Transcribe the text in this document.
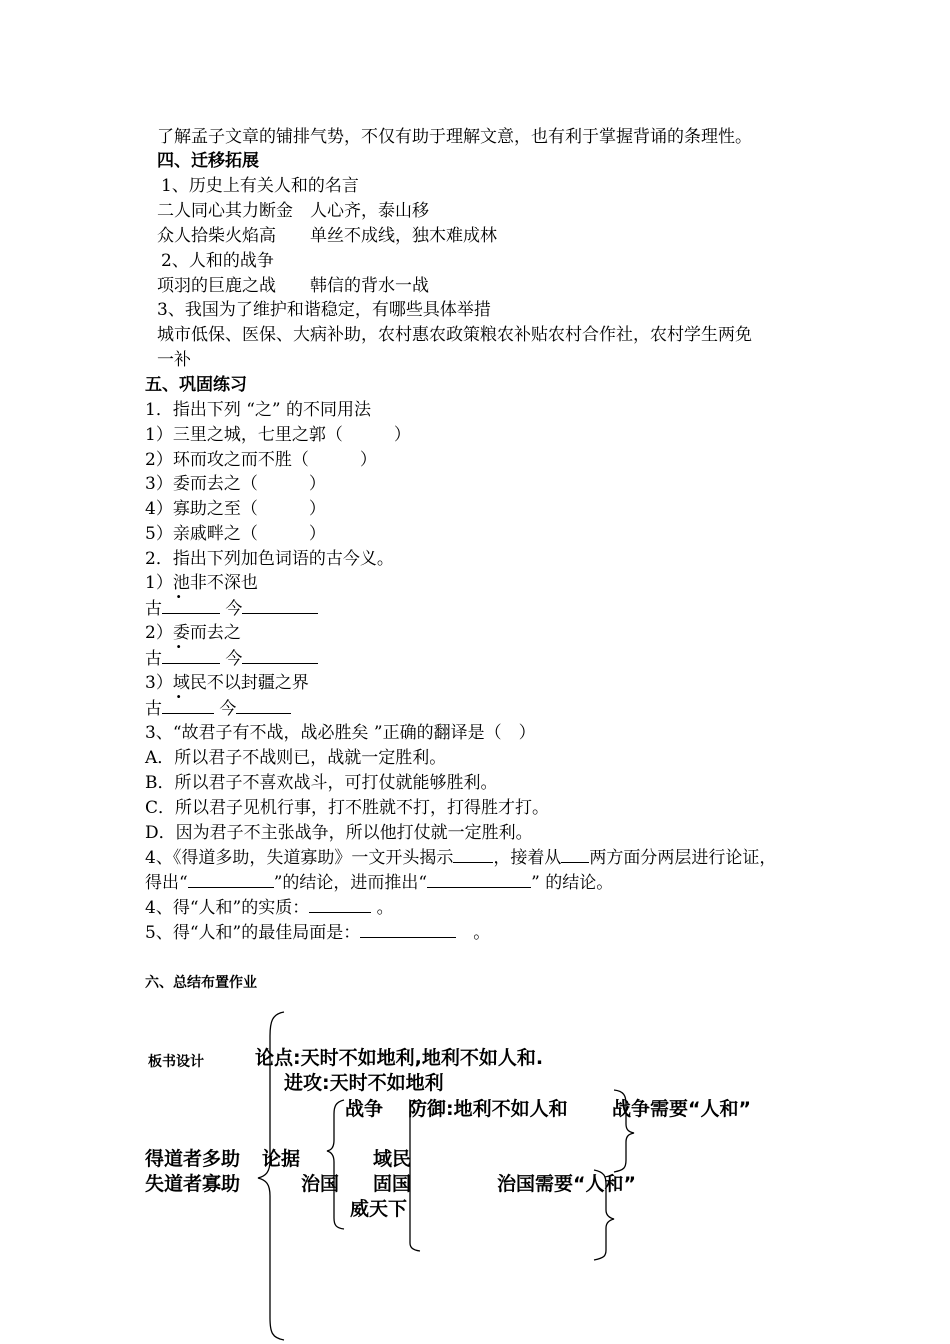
了解孟子文章的铺排气势，不仅有助于理解文意，也有利于掌握背诵的条理性。
四、迁移拓展
1、历史上有关人和的名言
二人同心其力断金　人心齐，泰山移
众人拾柴火焰高　　单丝不成线，独木难成林
2、人和的战争
项羽的巨鹿之战　　韩信的背水一战
3、我国为了维护和谐稳定，有哪些具体举措
城市低保、医保、大病补助，农村惠农政策粮农补贴农村合作社，农村学生两免
一补
五、巩固练习
1．指出下列 “之” 的不同用法
1）三里之城，七里之郭（　　　）
2）环而攻之而不胜（　　　）
3）委而去之（　　　）
4）寡助之至（　　　）
5）亲戚畔之（　　　）
2．指出下列加色词语的古今义。
1）池非不深也
古	今
2）委而去之
古	今
3）域民不以封疆之界
古	今
3、“故君子有不战，战必胜矣 ”正确的翻译是（　）
A．所以君子不战则已，战就一定胜利。
B．所以君子不喜欢战斗，可打仗就能够胜利。
C．所以君子见机行事，打不胜就不打，打得胜才打。
D．因为君子不主张战争，所以他打仗就一定胜利。
4、《得道多助，失道寡助》一文开头揭示 ，接着从 两方面分两层进行论证，
得出“	”的结论，进而推出“	” 的结论。
4、得“人和”的实质：	。
5、得“人和”的最佳局面是：　	。
六、总结布置作业
板书设计	论点:天时不如地利,地利不如人和.
进攻:天时不如地利
战争 防御:地利不如人和 战争需要“人和”
得道者多助 论据	域民
失道者寡助	治国 固国	治国需要“人和”
威天下
